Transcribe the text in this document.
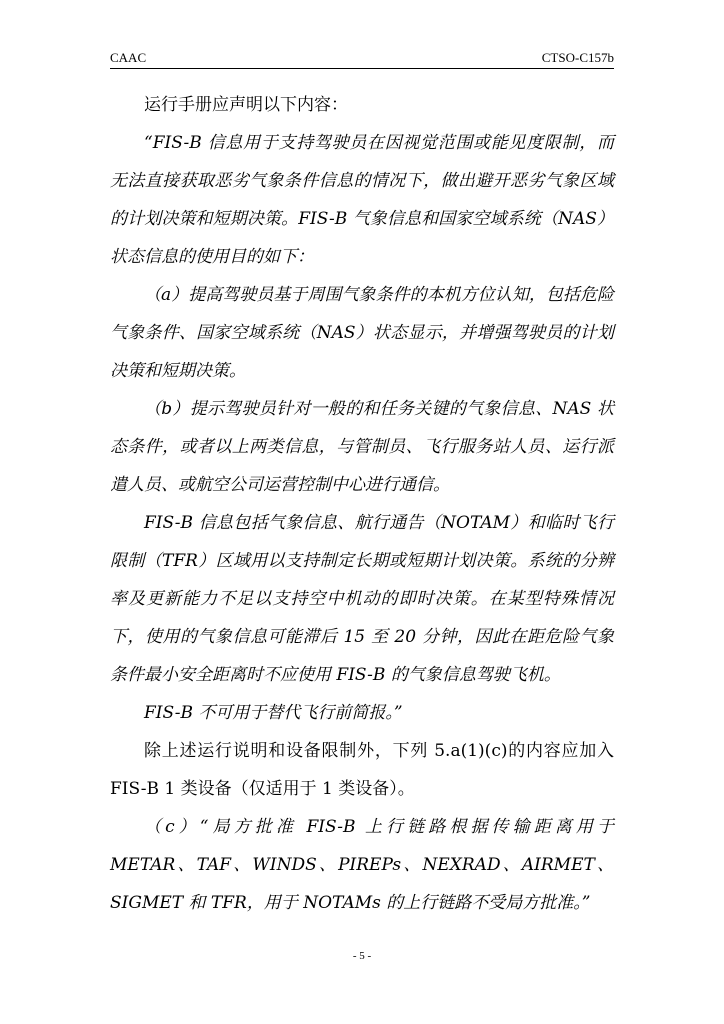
CAAC	CTSO-C157b

运行手册应声明以下内容：

“FIS-B 信息用于支持驾驶员在因视觉范围或能见度限制，而无法直接获取恶劣气象条件信息的情况下，做出避开恶劣气象区域的计划决策和短期决策。FIS-B 气象信息和国家空域系统（NAS）状态信息的使用目的如下：

（a）提高驾驶员基于周围气象条件的本机方位认知，包括危险气象条件、国家空域系统（NAS）状态显示，并增强驾驶员的计划决策和短期决策。

（b）提示驾驶员针对一般的和任务关键的气象信息、NAS 状态条件，或者以上两类信息，与管制员、飞行服务站人员、运行派遣人员、或航空公司运营控制中心进行通信。

FIS-B 信息包括气象信息、航行通告（NOTAM）和临时飞行限制（TFR）区域用以支持制定长期或短期计划决策。系统的分辨率及更新能力不足以支持空中机动的即时决策。在某型特殊情况下，使用的气象信息可能滞后 15 至 20 分钟，因此在距危险气象条件最小安全距离时不应使用 FIS-B 的气象信息驾驶飞机。

FIS-B 不可用于替代飞行前简报。”

除上述运行说明和设备限制外，下列 5.a(1)(c)的内容应加入FIS-B 1 类设备（仅适用于 1 类设备）。

（c）“局方批准 FIS-B 上行链路根据传输距离用于 METAR、TAF、WINDS、PIREPs、NEXRAD、AIRMET、SIGMET 和 TFR，用于 NOTAMs 的上行链路不受局方批准。”

- 5 -
